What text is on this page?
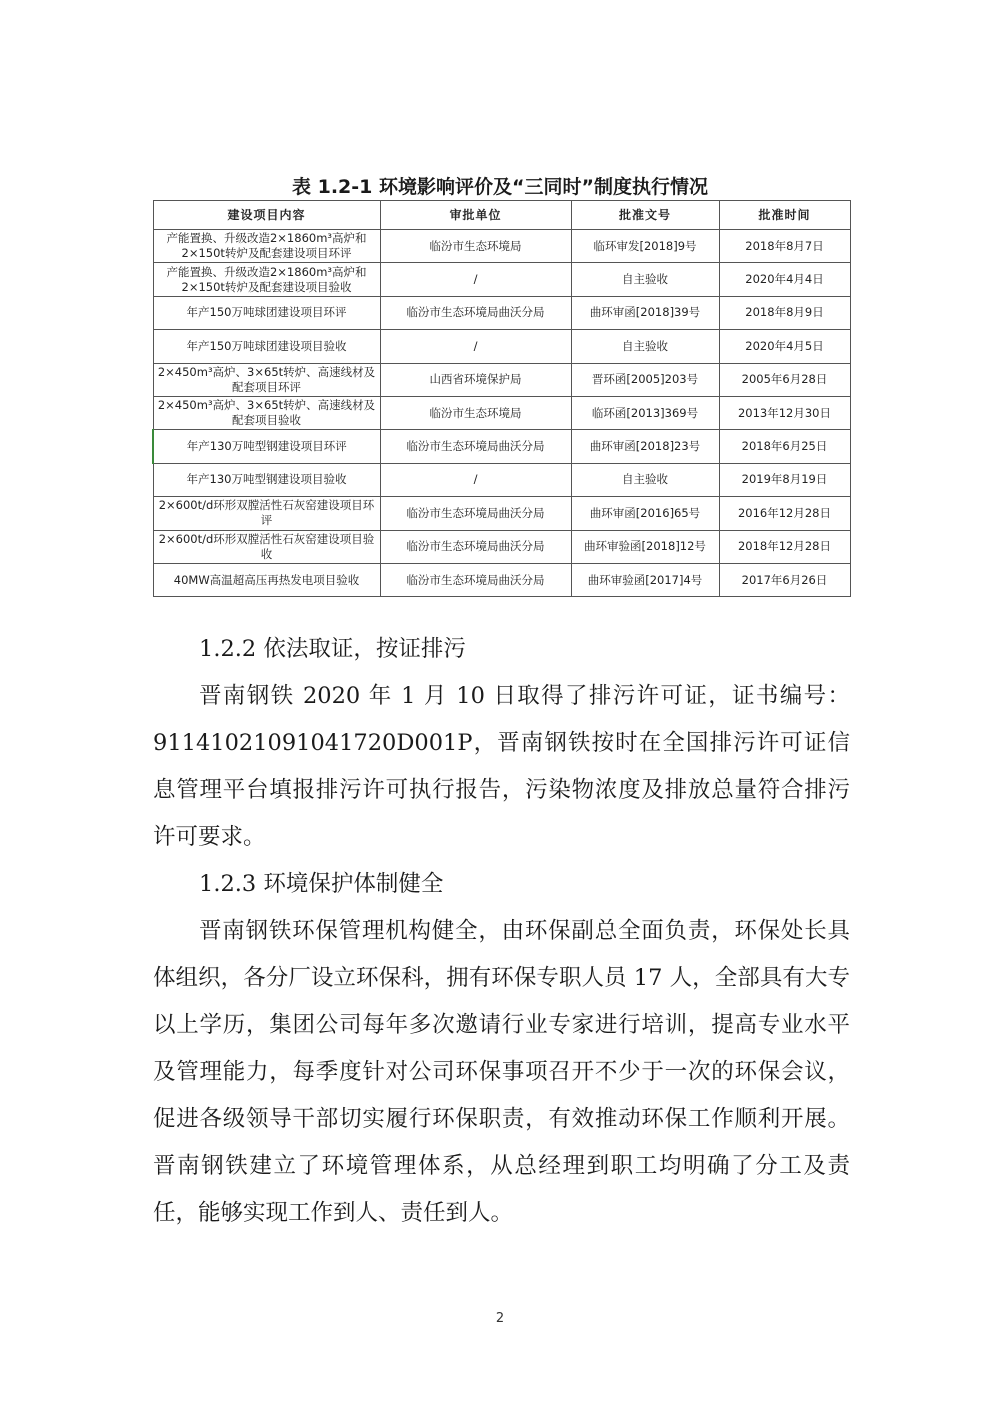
表 1.2-1 环境影响评价及“三同时”制度执行情况
建设项目内容	审批单位	批准文号	批准时间
产能置换、升级改造2×1860m³高炉和2×150t转炉及配套建设项目环评	临汾市生态环境局	临环审发[2018]9号	2018年8月7日
产能置换、升级改造2×1860m³高炉和2×150t转炉及配套建设项目验收	/	自主验收	2020年4月4日
年产150万吨球团建设项目环评	临汾市生态环境局曲沃分局	曲环审函[2018]39号	2018年8月9日
年产150万吨球团建设项目验收	/	自主验收	2020年4月5日
2×450m³高炉、3×65t转炉、高速线材及配套项目环评	山西省环境保护局	晋环函[2005]203号	2005年6月28日
2×450m³高炉、3×65t转炉、高速线材及配套项目验收	临汾市生态环境局	临环函[2013]369号	2013年12月30日
年产130万吨型钢建设项目环评	临汾市生态环境局曲沃分局	曲环审函[2018]23号	2018年6月25日
年产130万吨型钢建设项目验收	/	自主验收	2019年8月19日
2×600t/d环形双膛活性石灰窑建设项目环评	临汾市生态环境局曲沃分局	曲环审函[2016]65号	2016年12月28日
2×600t/d环形双膛活性石灰窑建设项目验收	临汾市生态环境局曲沃分局	曲环审验函[2018]12号	2018年12月28日
40MW高温超高压再热发电项目验收	临汾市生态环境局曲沃分局	曲环审验函[2017]4号	2017年6月26日

1.2.2 依法取证，按证排污

晋南钢铁 2020 年 1 月 10 日取得了排污许可证，证书编号：91141021091041720D001P，晋南钢铁按时在全国排污许可证信息管理平台填报排污许可执行报告，污染物浓度及排放总量符合排污许可要求。

1.2.3 环境保护体制健全

晋南钢铁环保管理机构健全，由环保副总全面负责，环保处长具体组织，各分厂设立环保科，拥有环保专职人员 17 人，全部具有大专以上学历，集团公司每年多次邀请行业专家进行培训，提高专业水平及管理能力，每季度针对公司环保事项召开不少于一次的环保会议，促进各级领导干部切实履行环保职责，有效推动环保工作顺利开展。晋南钢铁建立了环境管理体系，从总经理到职工均明确了分工及责任，能够实现工作到人、责任到人。

2
